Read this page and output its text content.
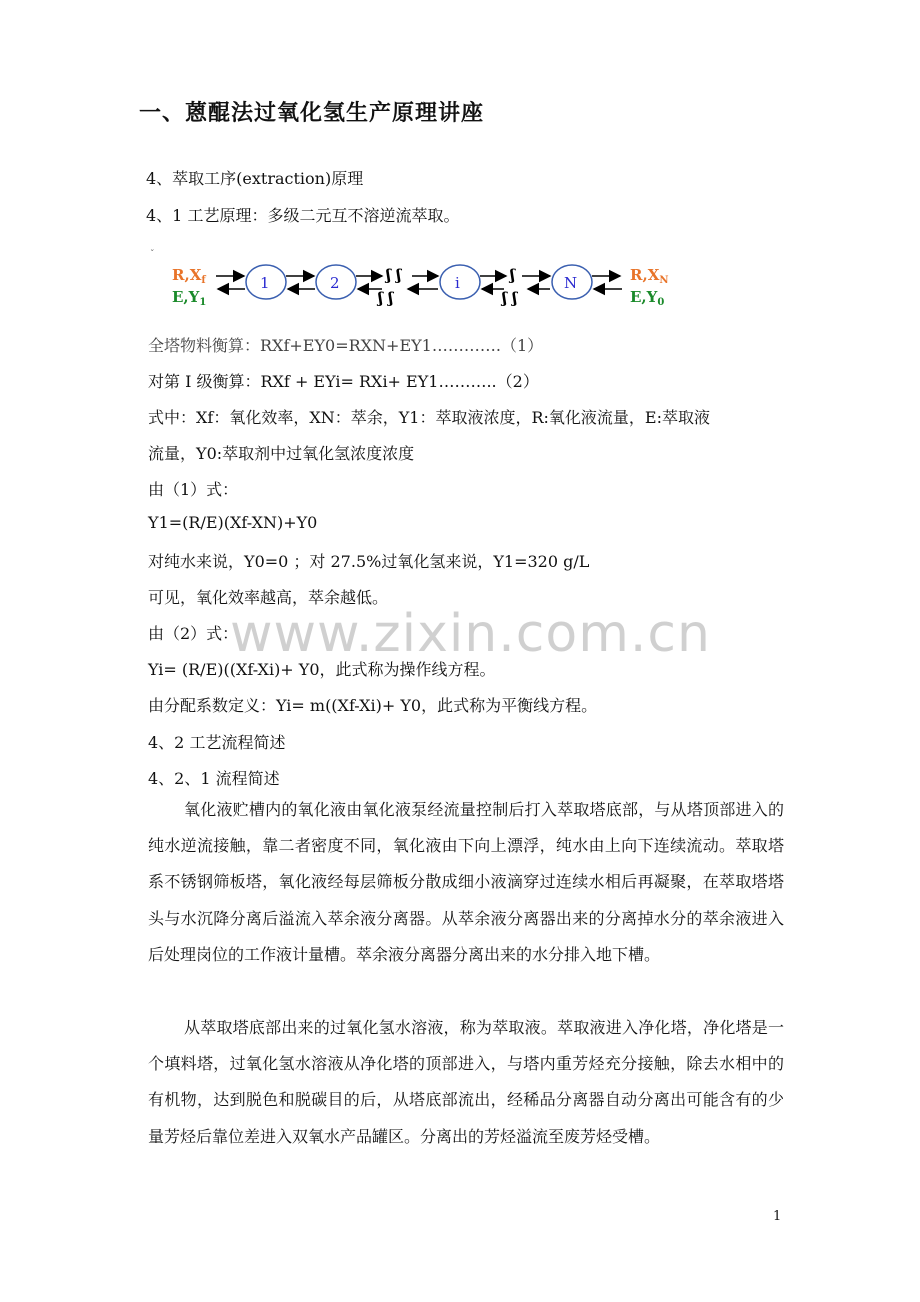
一、蒽醌法过氧化氢生产原理讲座
4、萃取工序(extraction)原理
4、1 工艺原理：多级二元互不溶逆流萃取。
ˇ
$R,X_f$
$E,Y_1$
1	2	ʃ ʃ
ʃ ʃ
i	ʃ
ʃ ʃ
N	$R,X_N$
$E,Y_0$
全塔物料衡算：RXf+EY0=RXN+EY1………….（1）
对第 I 级衡算：RXf + EYi= RXi+ EY1………..（2）
式中：Xf：氧化效率，XN：萃余，Y1：萃取液浓度，R:氧化液流量，E:萃取液
流量，Y0:萃取剂中过氧化氢浓度浓度
由（1）式：
Y1=(R/E)(Xf-XN)+Y0
对纯水来说，Y0=0 ；对 27.5%过氧化氢来说，Y1=320 g/L
可见，氧化效率越高，萃余越低。
由（2）式：
Yi= (R/E)((Xf-Xi)+ Y0，此式称为操作线方程。
由分配系数定义：Yi= m((Xf-Xi)+ Y0，此式称为平衡线方程。
4、2 工艺流程简述
4、2、1 流程简述
氧化液贮槽内的氧化液由氧化液泵经流量控制后打入萃取塔底部，与从塔顶部进入的纯水逆流接触，靠二者密度不同，氧化液由下向上漂浮，纯水由上向下连续流动。萃取塔系不锈钢筛板塔，氧化液经每层筛板分散成细小液滴穿过连续水相后再凝聚，在萃取塔塔头与水沉降分离后溢流入萃余液分离器。从萃余液分离器出来的分离掉水分的萃余液进入后处理岗位的工作液计量槽。萃余液分离器分离出来的水分排入地下槽。
从萃取塔底部出来的过氧化氢水溶液，称为萃取液。萃取液进入净化塔，净化塔是一个填料塔，过氧化氢水溶液从净化塔的顶部进入，与塔内重芳烃充分接触，除去水相中的有机物，达到脱色和脱碳目的后，从塔底部流出，经稀品分离器自动分离出可能含有的少量芳烃后靠位差进入双氧水产品罐区。分离出的芳烃溢流至废芳烃受槽。
www.zixin.com.cn
1
